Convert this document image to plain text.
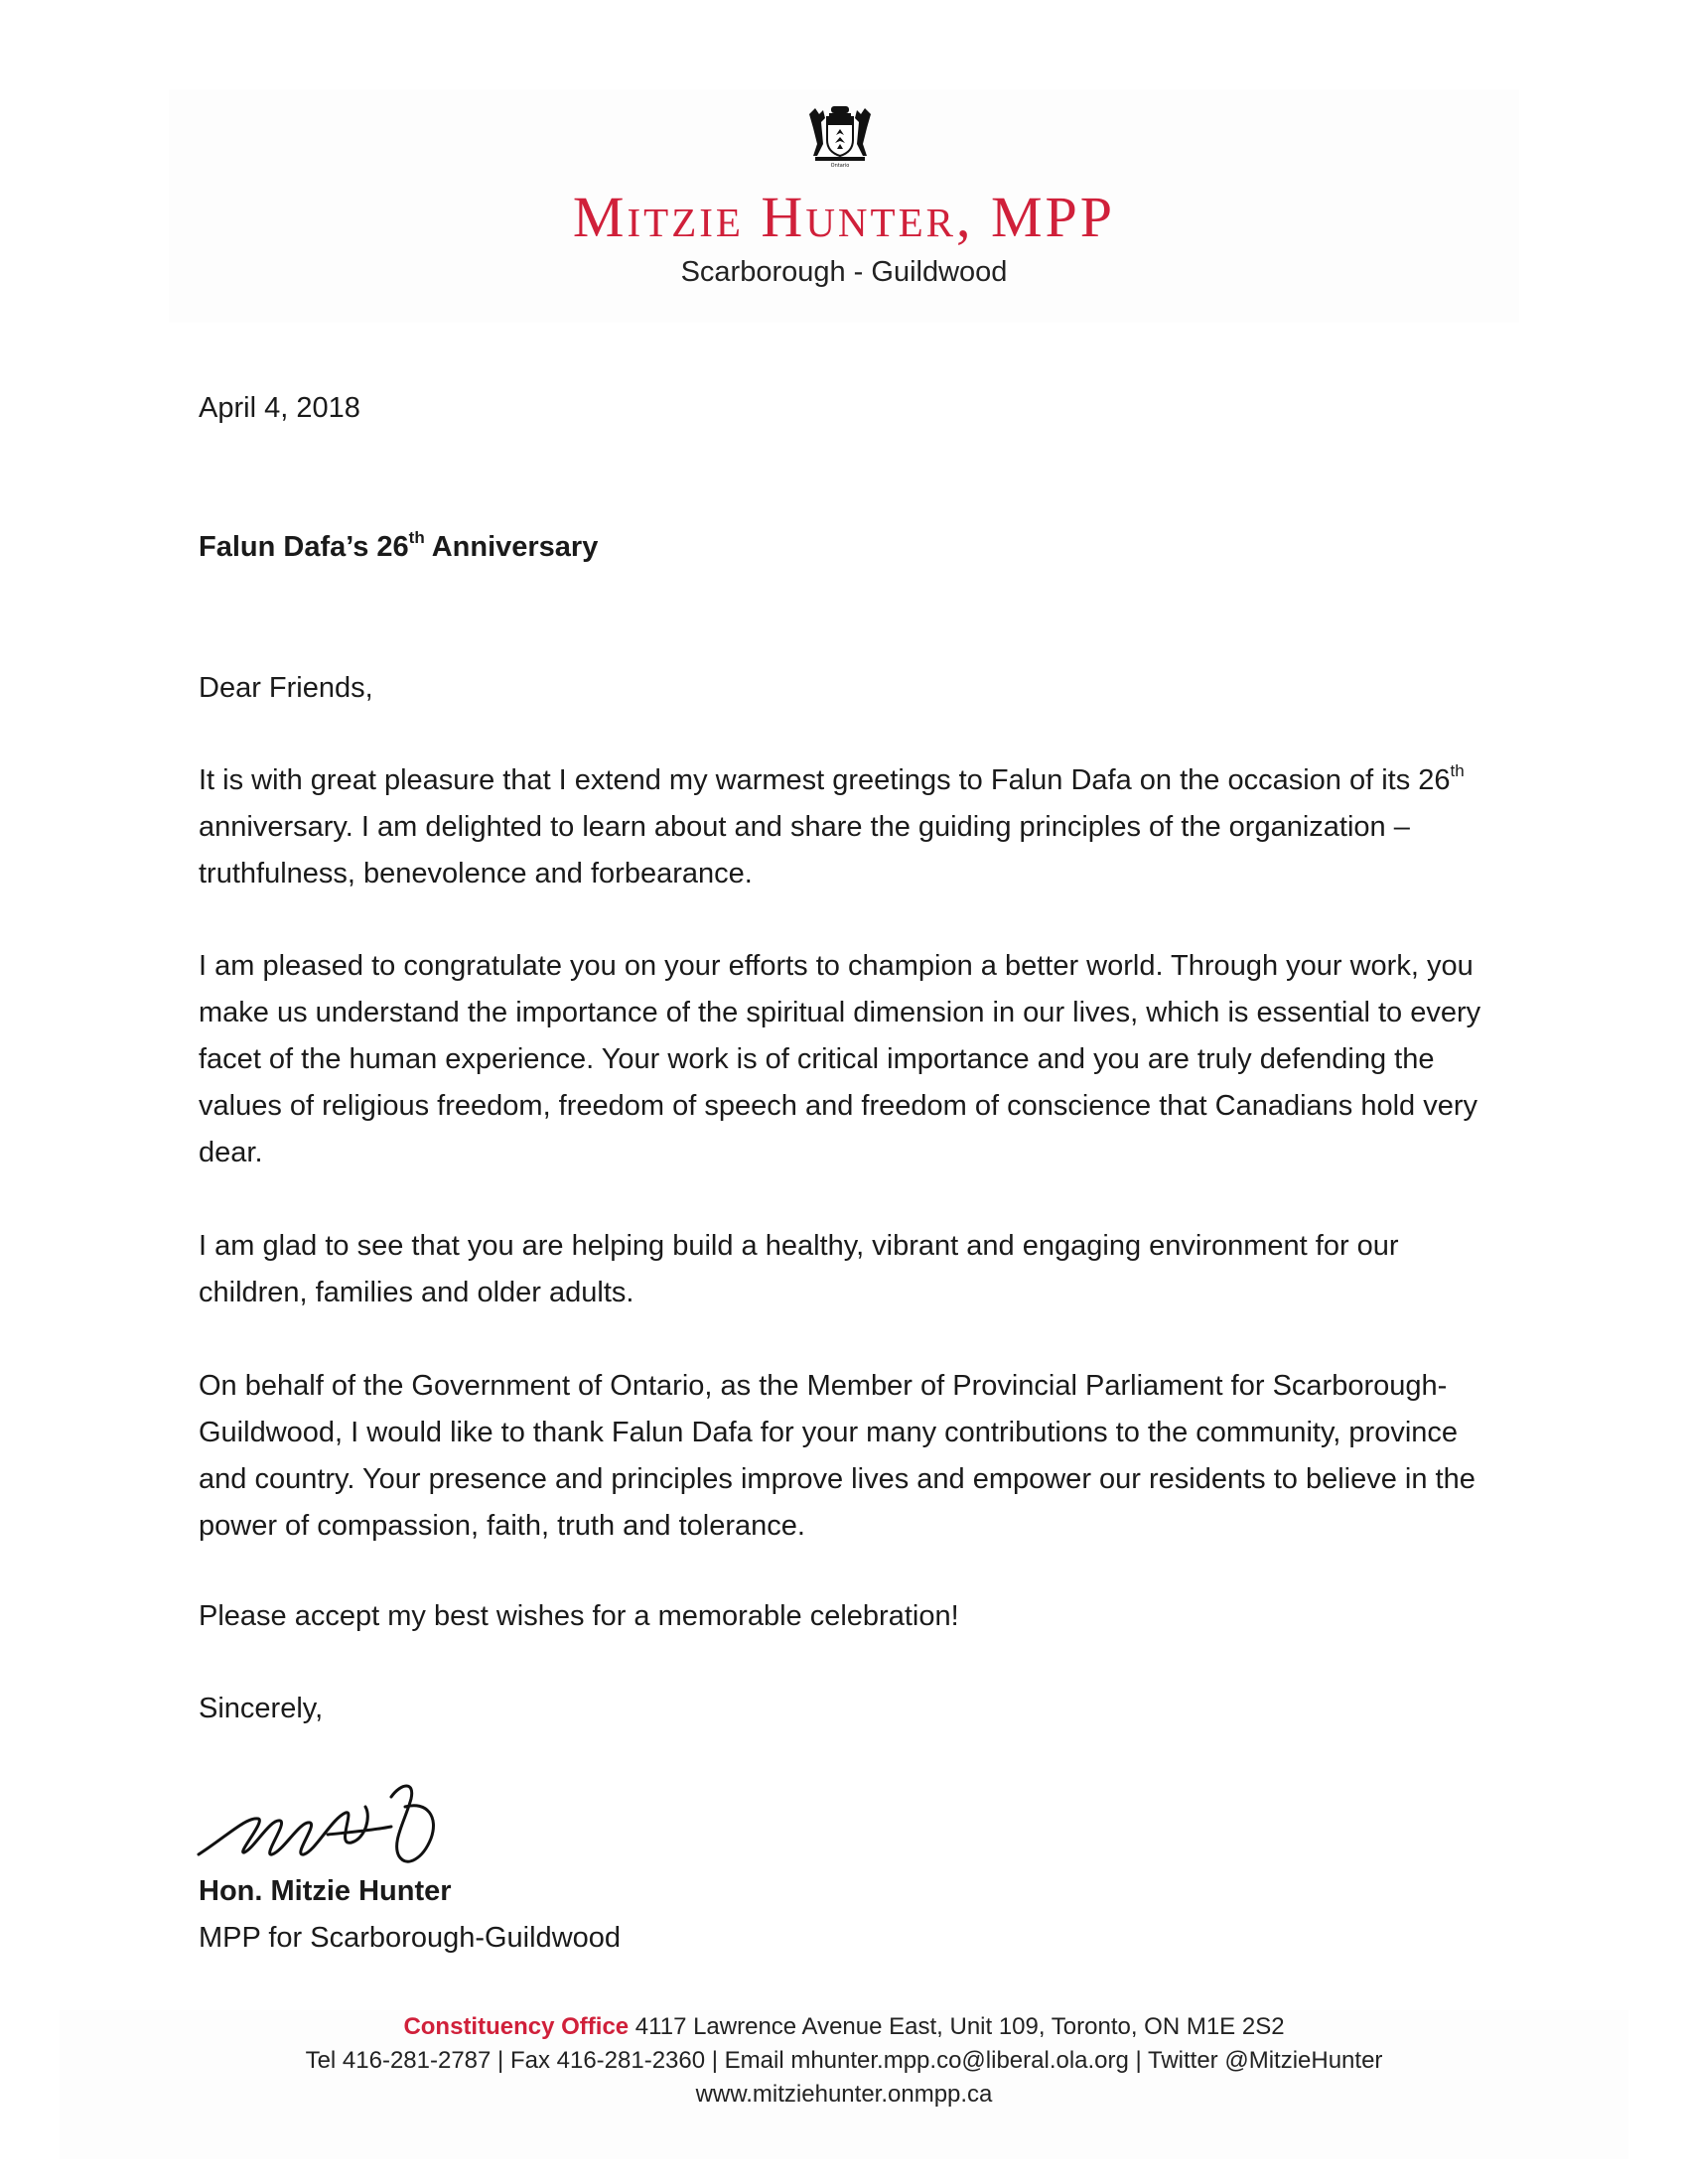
Ontario
Mitzie Hunter, MPP
Scarborough - Guildwood
April 4, 2018
Falun Dafa’s 26th Anniversary
Dear Friends,
It is with great pleasure that I extend my warmest greetings to Falun Dafa on the occasion of its 26th anniversary. I am delighted to learn about and share the guiding principles of the organization – truthfulness, benevolence and forbearance.
I am pleased to congratulate you on your efforts to champion a better world. Through your work, you make us understand the importance of the spiritual dimension in our lives, which is essential to every facet of the human experience. Your work is of critical importance and you are truly defending the values of religious freedom, freedom of speech and freedom of conscience that Canadians hold very dear.
I am glad to see that you are helping build a healthy, vibrant and engaging environment for our children, families and older adults.
On behalf of the Government of Ontario, as the Member of Provincial Parliament for Scarborough-Guildwood, I would like to thank Falun Dafa for your many contributions to the community, province and country. Your presence and principles improve lives and empower our residents to believe in the power of compassion, faith, truth and tolerance.
Please accept my best wishes for a memorable celebration!
Sincerely,
Hon. Mitzie Hunter
MPP for Scarborough-Guildwood
Constituency Office 4117 Lawrence Avenue East, Unit 109, Toronto, ON M1E 2S2
Tel 416-281-2787 | Fax 416-281-2360 | Email mhunter.mpp.co@liberal.ola.org | Twitter @MitzieHunter
www.mitziehunter.onmpp.ca
